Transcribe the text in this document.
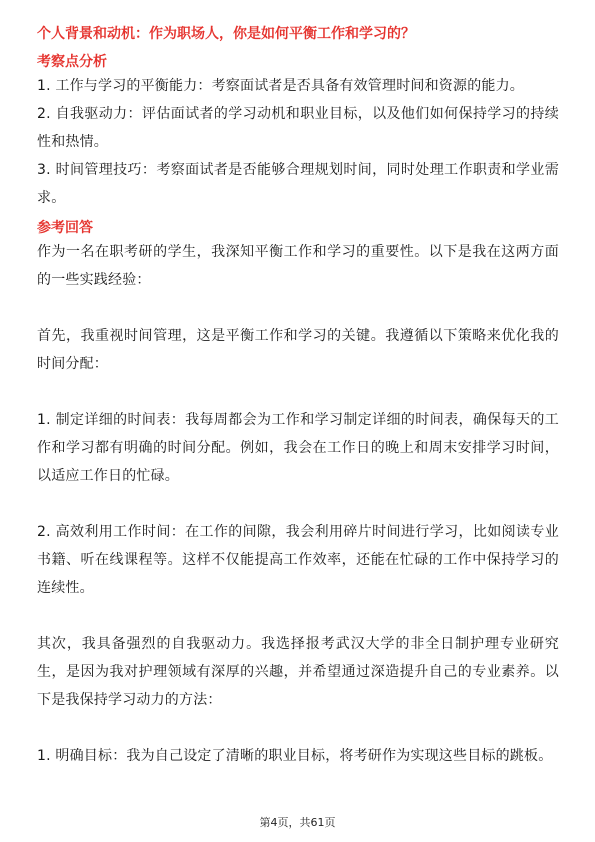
个人背景和动机：作为职场人，你是如何平衡工作和学习的？

考察点分析

1. 工作与学习的平衡能力：考察面试者是否具备有效管理时间和资源的能力。

2. 自我驱动力：评估面试者的学习动机和职业目标，以及他们如何保持学习的持续性和热情。

3. 时间管理技巧：考察面试者是否能够合理规划时间，同时处理工作职责和学业需求。

参考回答

作为一名在职考研的学生，我深知平衡工作和学习的重要性。以下是我在这两方面的一些实践经验：

首先，我重视时间管理，这是平衡工作和学习的关键。我遵循以下策略来优化我的时间分配：

1. 制定详细的时间表：我每周都会为工作和学习制定详细的时间表，确保每天的工作和学习都有明确的时间分配。例如，我会在工作日的晚上和周末安排学习时间，以适应工作日的忙碌。

2. 高效利用工作时间：在工作的间隙，我会利用碎片时间进行学习，比如阅读专业书籍、听在线课程等。这样不仅能提高工作效率，还能在忙碌的工作中保持学习的连续性。

其次，我具备强烈的自我驱动力。我选择报考武汉大学的非全日制护理专业研究生，是因为我对护理领域有深厚的兴趣，并希望通过深造提升自己的专业素养。以下是我保持学习动力的方法：

1. 明确目标：我为自己设定了清晰的职业目标，将考研作为实现这些目标的跳板。

第4页，共61页
